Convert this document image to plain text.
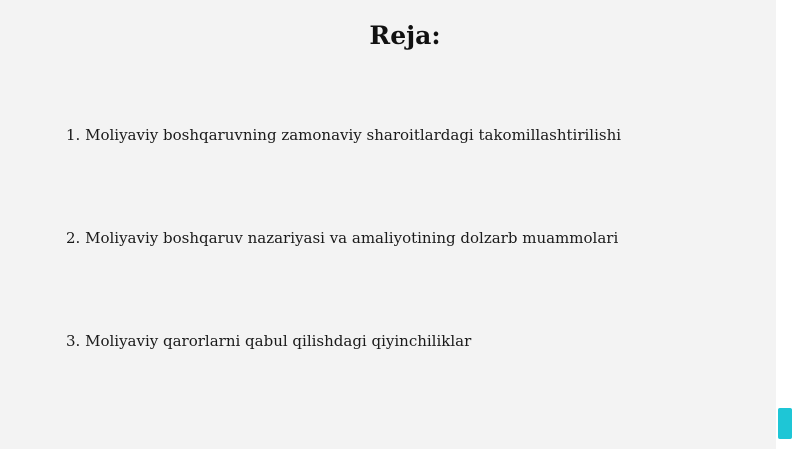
Reja:
1. Moliyaviy boshqaruvning zamonaviy sharoitlardagi takomillashtirilishi
2. Moliyaviy boshqaruv nazariyasi va amaliyotining dolzarb muammolari
3. Moliyaviy qarorlarni qabul qilishdagi qiyinchiliklar
